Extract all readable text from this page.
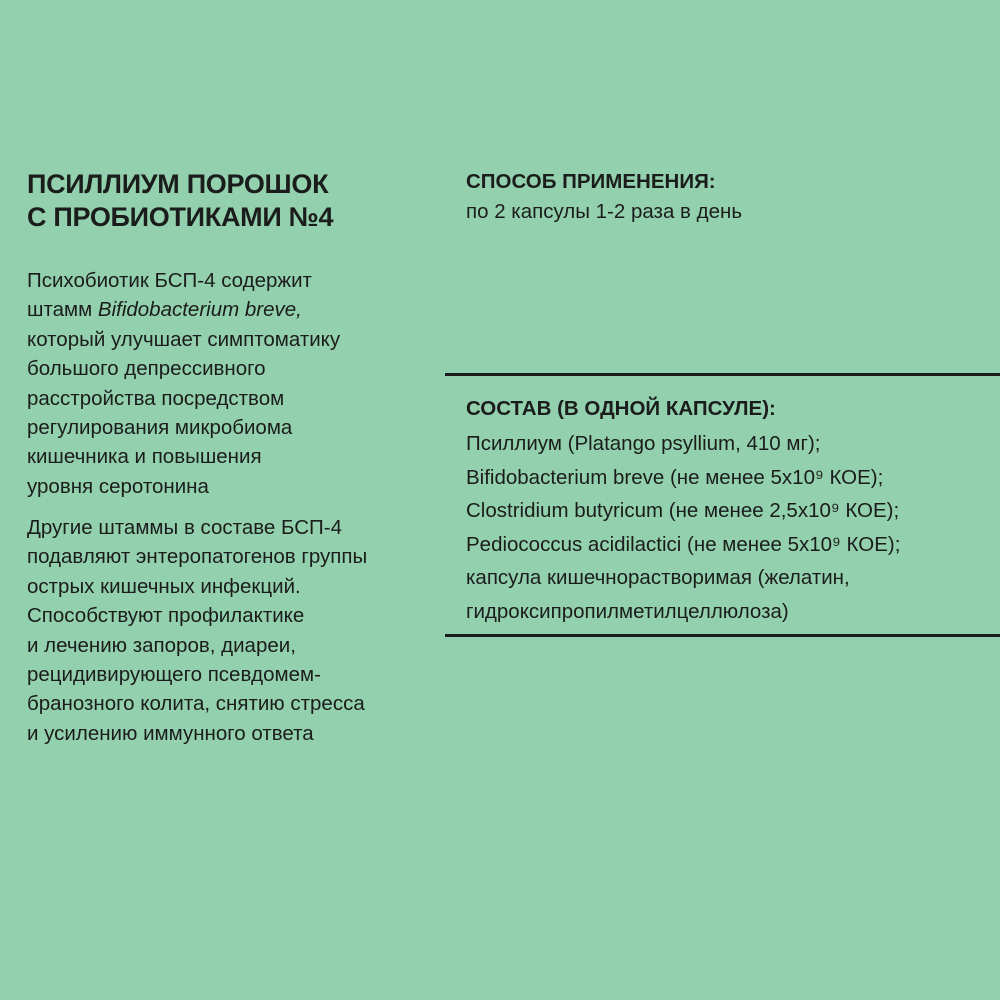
ПСИЛЛИУМ ПОРОШОК
С ПРОБИОТИКАМИ №4
Психобиотик БСП-4 содержит
штамм Bifidobacterium breve,
который улучшает симптоматику
большого депрессивного
расстройства посредством
регулирования микробиома
кишечника и повышения
уровня серотонина
Другие штаммы в составе БСП-4
подавляют энтеропатогенов группы
острых кишечных инфекций.
Способствуют профилактике
и лечению запоров, диареи,
рецидивирующего псевдомем-
бранозного колита, снятию стресса
и усилению иммунного ответа
СПОСОБ ПРИМЕНЕНИЯ:
по 2 капсулы 1-2 раза в день
СОСТАВ (В ОДНОЙ КАПСУЛЕ):
Псиллиум (Platango psyllium, 410 мг);
Bifidobacterium breve (не менее 5х10⁹ КОЕ);
Clostridium butyricum (не менее 2,5х10⁹ КОЕ);
Pediococcus acidilactici (не менее 5х10⁹ КОЕ);
капсула кишечнорастворимая (желатин,
гидроксипропилметилцеллюлоза)
